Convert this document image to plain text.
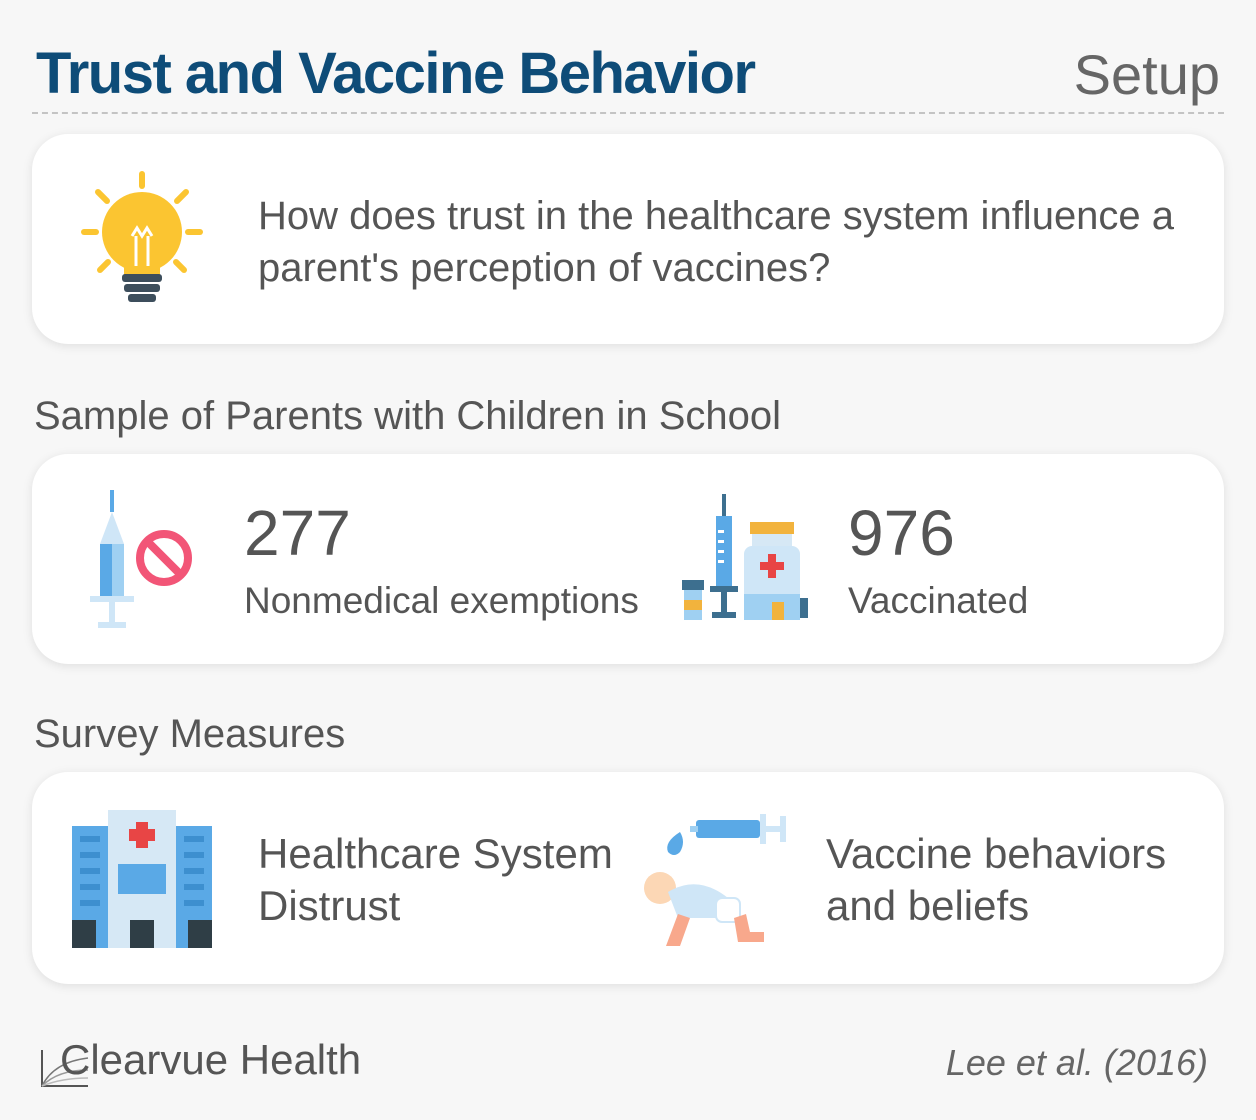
Trust and Vaccine Behavior	Setup
How does trust in the healthcare system influence a parent's perception of vaccines?
Sample of Parents with Children in School
277
Nonmedical exemptions
976
Vaccinated
Survey Measures
Healthcare System Distrust
Vaccine behaviors and beliefs
Clearvue Health	Lee et al. (2016)
